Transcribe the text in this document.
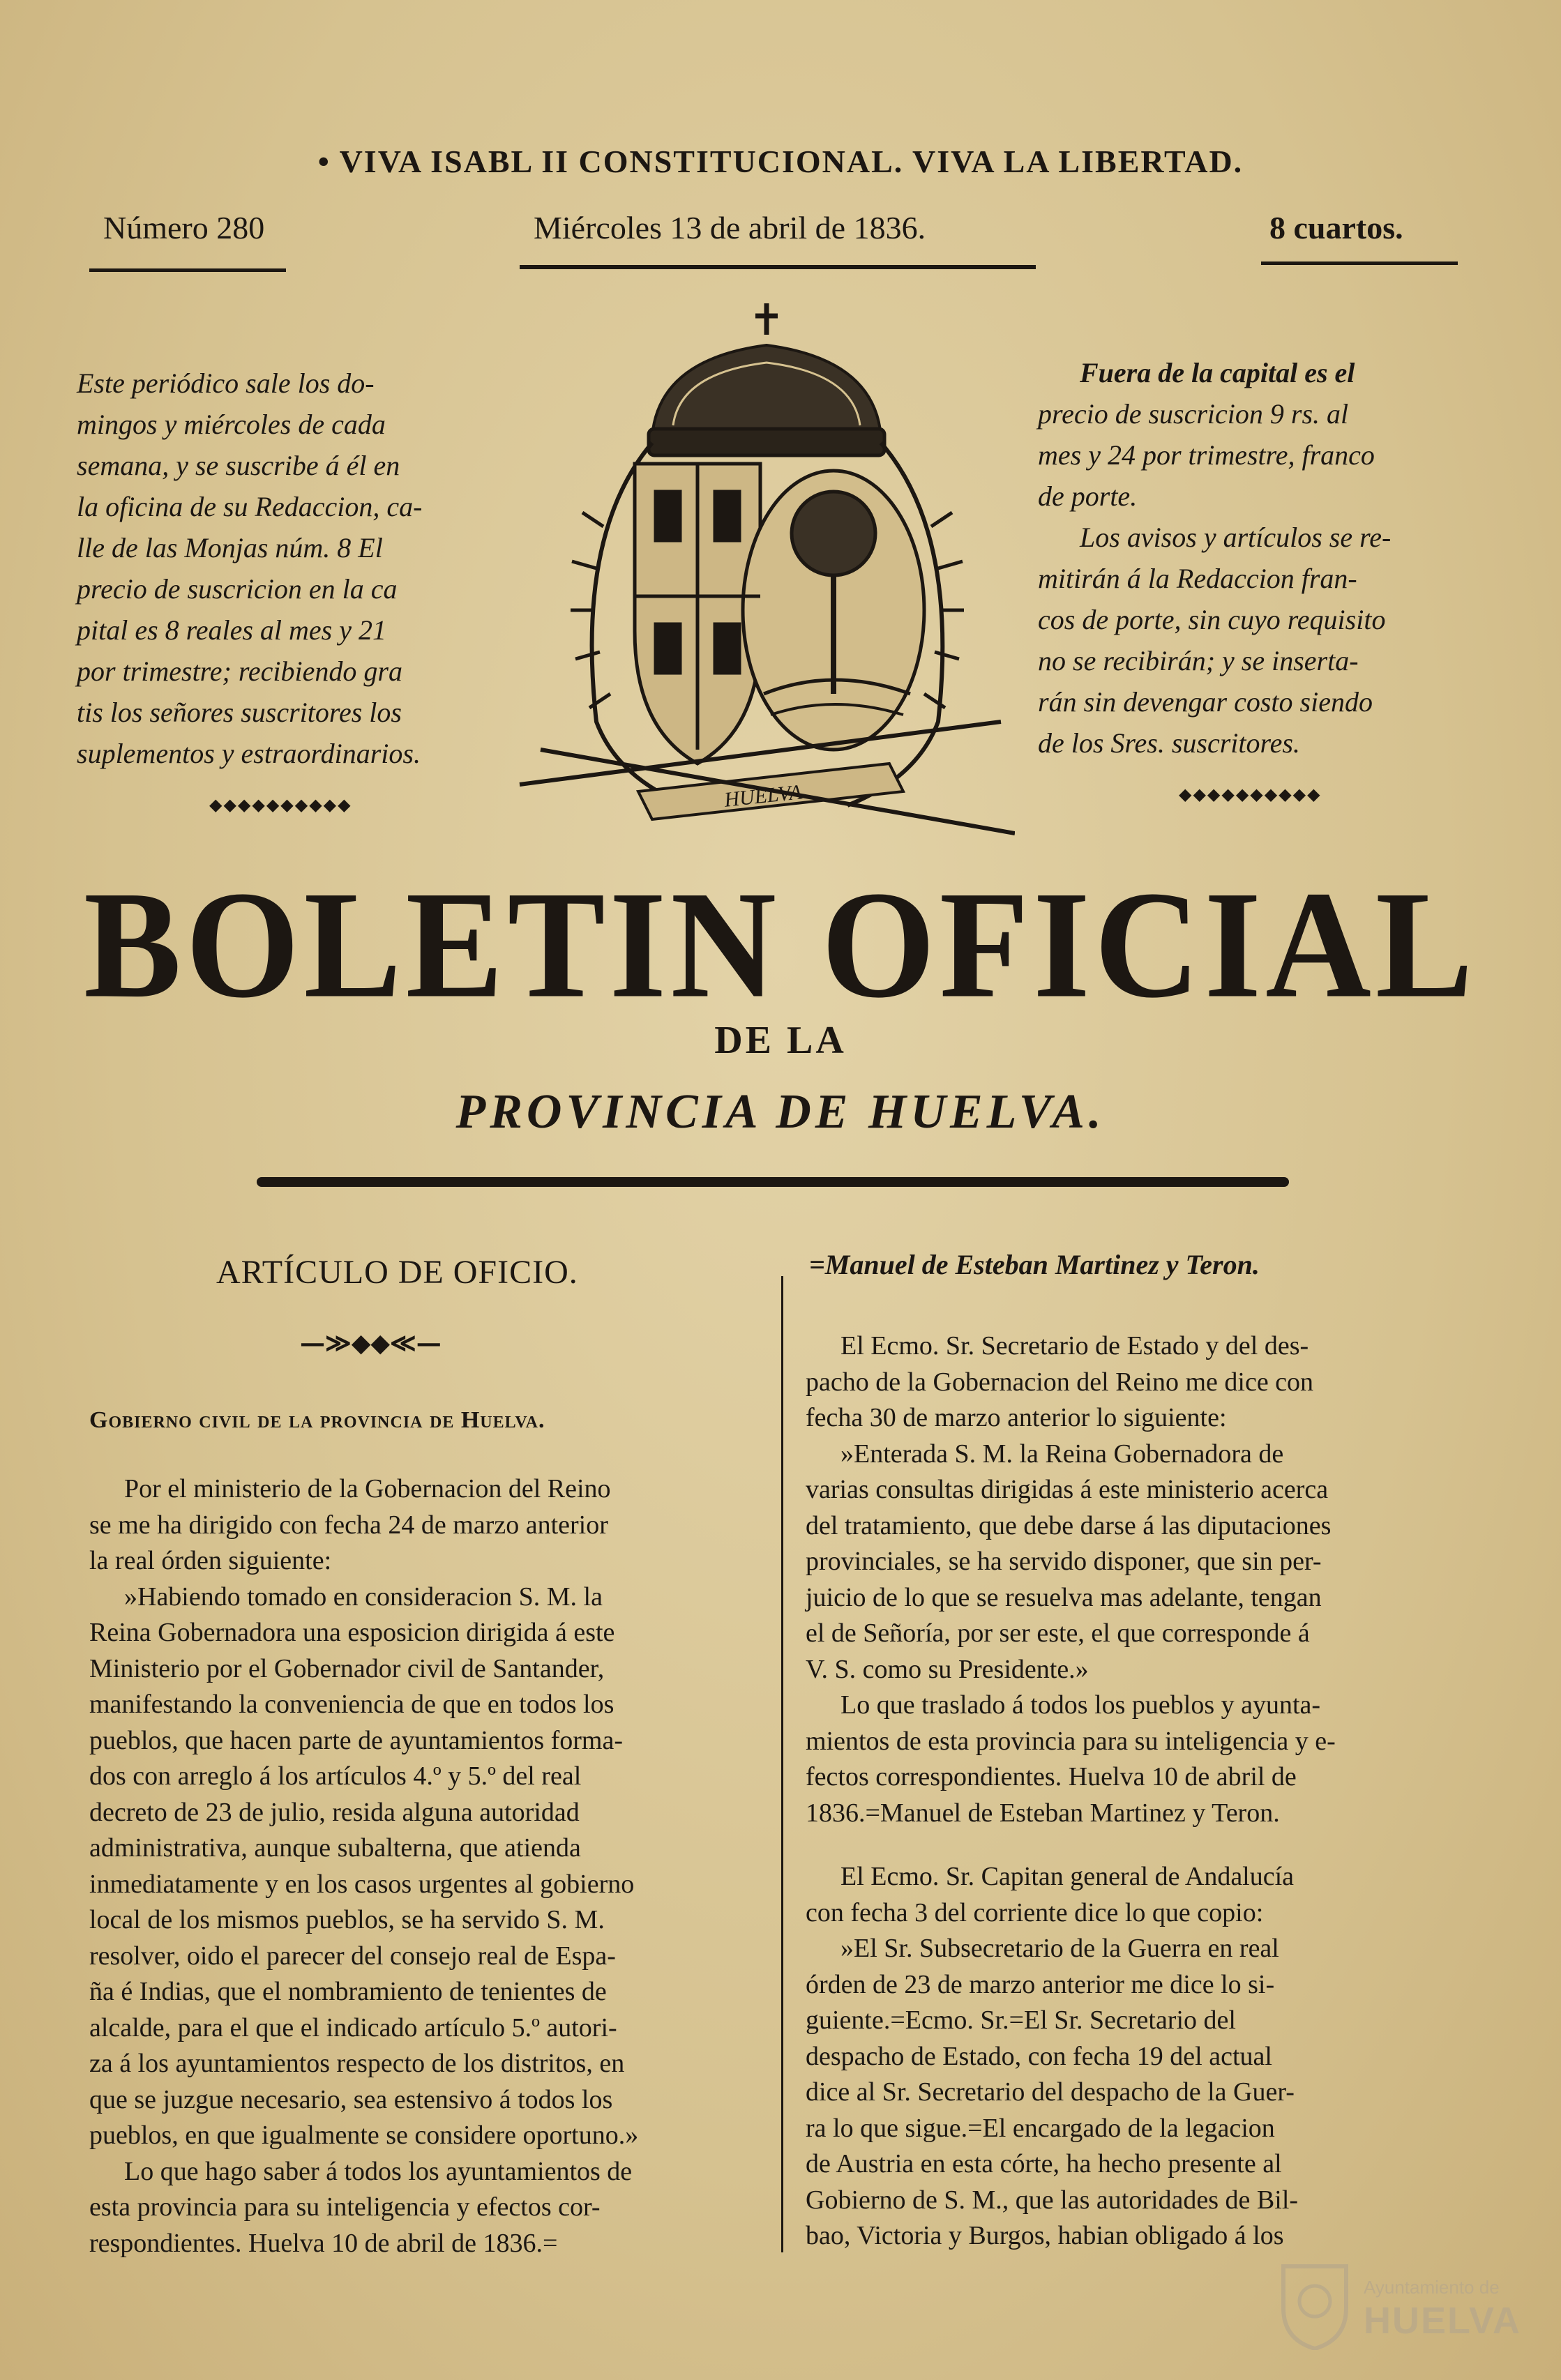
• VIVA ISABL II CONSTITUCIONAL. VIVA LA LIBERTAD.
Número 280	Miércoles 13 de abril de 1836.	8 cuartos.

Este periódico sale los do-

mingos y miércoles de cada

semana, y se suscribe á él en

la oficina de su Redaccion, ca-

lle de las Monjas núm. 8 El

precio de suscricion en la ca

pital es 8 reales al mes y 21

por trimestre; recibiendo gra

tis los señores suscritores los

suplementos y estraordinarios.

◆◆◆◆◆◆◆◆◆◆

Fuera de la capital es el

precio de suscricion 9 rs. al

mes y 24 por trimestre, franco

de porte.

Los avisos y artículos se re-

mitirán á la Redaccion fran-

cos de porte, sin cuyo requisito

no se recibirán; y se inserta-

rán sin devengar costo siendo

de los Sres. suscritores.

◆◆◆◆◆◆◆◆◆◆
HUELVA
BOLETIN OFICIAL
DE LA
PROVINCIA DE HUELVA.
ARTÍCULO DE OFICIO.
—≫◆◆≪—
Gobierno civil de la provincia de Huelva.

Por el ministerio de la Gobernacion del Reino

se me ha dirigido con fecha 24 de marzo anterior

la real órden siguiente:

»Habiendo tomado en consideracion S. M. la

Reina Gobernadora una esposicion dirigida á este

Ministerio por el Gobernador civil de Santander,

manifestando la conveniencia de que en todos los

pueblos, que hacen parte de ayuntamientos forma-

dos con arreglo á los artículos 4.º y 5.º del real

decreto de 23 de julio, resida alguna autoridad

administrativa, aunque subalterna, que atienda

inmediatamente y en los casos urgentes al gobierno

local de los mismos pueblos, se ha servido S. M.

resolver, oido el parecer del consejo real de Espa-

ña é Indias, que el nombramiento de tenientes de

alcalde, para el que el indicado artículo 5.º autori-

za á los ayuntamientos respecto de los distritos, en

que se juzgue necesario, sea estensivo á todos los

pueblos, en que igualmente se considere oportuno.»

Lo que hago saber á todos los ayuntamientos de

esta provincia para su inteligencia y efectos cor-

respondientes. Huelva 10 de abril de 1836.=

=Manuel de Esteban Martinez y Teron.

El Ecmo. Sr. Secretario de Estado y del des-

pacho de la Gobernacion del Reino me dice con

fecha 30 de marzo anterior lo siguiente:

»Enterada S. M. la Reina Gobernadora de

varias consultas dirigidas á este ministerio acerca

del tratamiento, que debe darse á las diputaciones

provinciales, se ha servido disponer, que sin per-

juicio de lo que se resuelva mas adelante, tengan

el de Señoría, por ser este, el que corresponde á

V. S. como su Presidente.»

Lo que traslado á todos los pueblos y ayunta-

mientos de esta provincia para su inteligencia y e-

fectos correspondientes. Huelva 10 de abril de

1836.=Manuel de Esteban Martinez y Teron.

El Ecmo. Sr. Capitan general de Andalucía

con fecha 3 del corriente dice lo que copio:

»El Sr. Subsecretario de la Guerra en real

órden de 23 de marzo anterior me dice lo si-

guiente.=Ecmo. Sr.=El Sr. Secretario del

despacho de Estado, con fecha 19 del actual

dice al Sr. Secretario del despacho de la Guer-

ra lo que sigue.=El encargado de la legacion

de Austria en esta córte, ha hecho presente al

Gobierno de S. M., que las autoridades de Bil-

bao, Victoria y Burgos, habian obligado á los

Ayuntamiento de
HUELVA
